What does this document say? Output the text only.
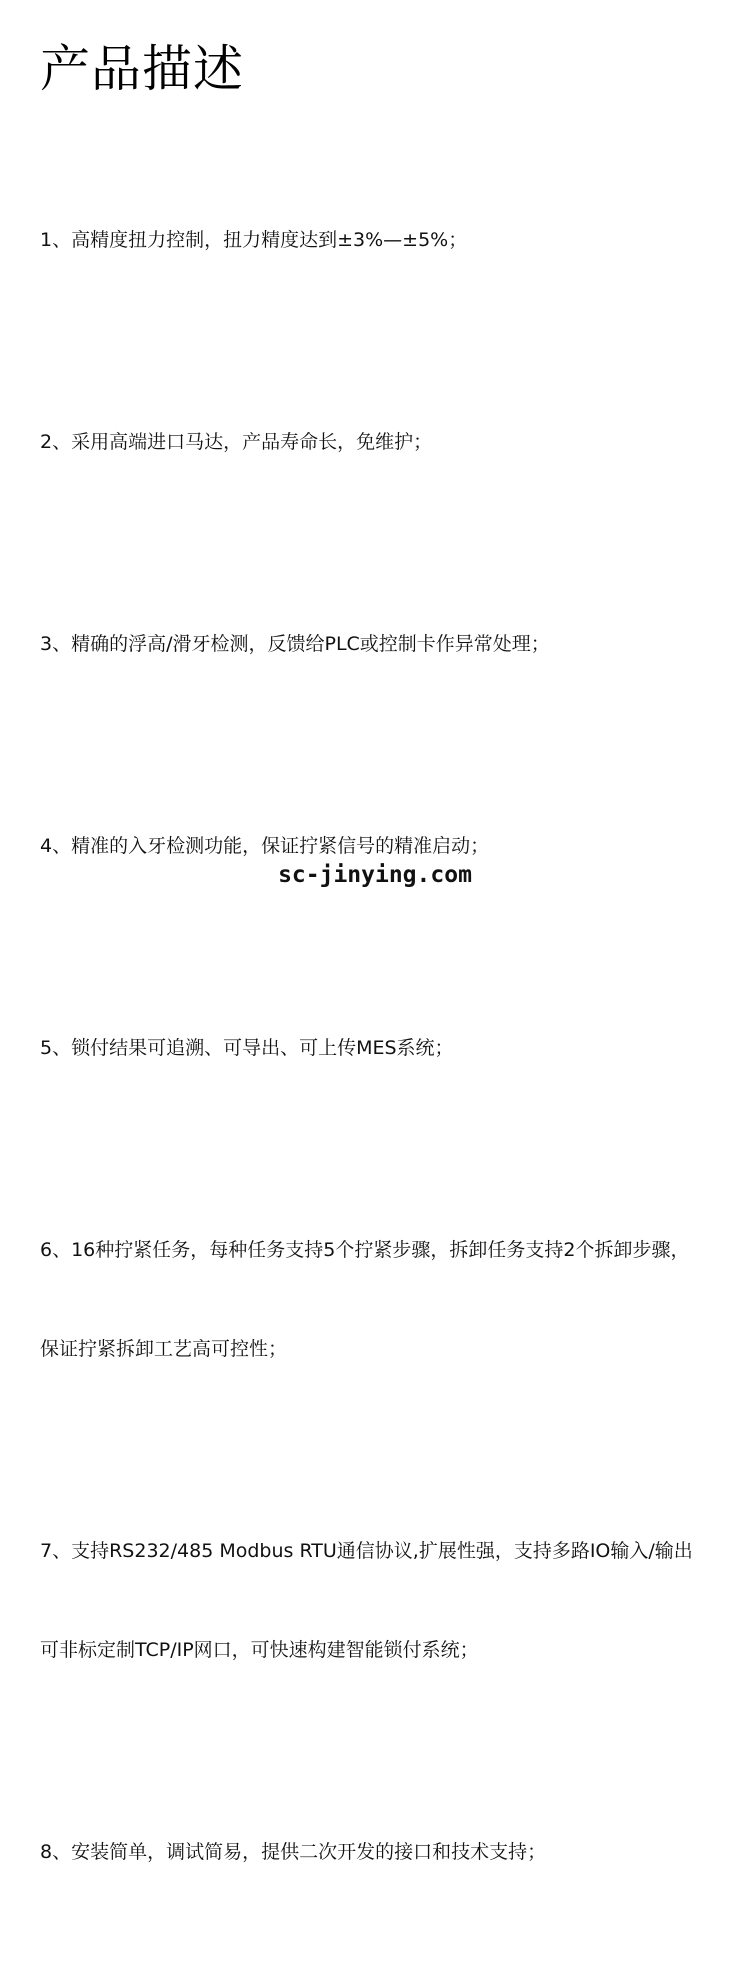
产品描述

1、高精度扭力控制，扭力精度达到±3%—±5%；

2、采用高端进口马达，产品寿命长，免维护；

3、精确的浮高/滑牙检测，反馈给PLC或控制卡作异常处理；

4、精准的入牙检测功能，保证拧紧信号的精准启动；

5、锁付结果可追溯、可导出、可上传MES系统；

6、16种拧紧任务，每种任务支持5个拧紧步骤，拆卸任务支持2个拆卸步骤，

保证拧紧拆卸工艺高可控性；

7、支持RS232/485 Modbus RTU通信协议,扩展性强，支持多路IO输入/输出

可非标定制TCP/IP网口，可快速构建智能锁付系统；

8、安装简单，调试简易，提供二次开发的接口和技术支持；

sc-jinying.com
